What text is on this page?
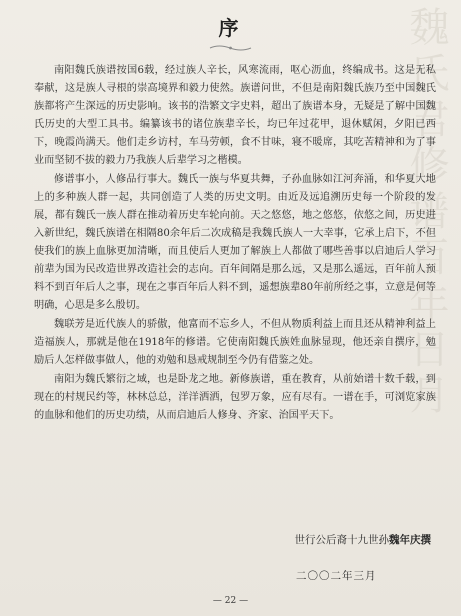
魏氏君修谱百年日月
序

南阳魏氏族谱按国6载，经过族人辛长，风寒流雨，呕心沥血，终编成书。这是无私奉献，这是族人寻根的崇高境界和毅力使然。族谱问世，不但是南阳魏氏族乃至中国魏氏族都将产生深远的历史影响。该书的浩繁文字史料，超出了族谱本身，无疑是了解中国魏氏历史的大型工具书。编纂该书的诸位族辈辛长，均已年过花甲，退休赋闲，夕阳已西下，晚霞尚满天。他们走乡访村，车马劳顿，食不甘味，寝不暖席，其吃苦精神和为了事业而坚韧不拔的毅力乃我族人后辈学习之楷模。

修谱事小，人修品行事大。魏氏一族与华夏共舞，子孙血脉如江河奔涌，和华夏大地上的多种族人群一起，共同创造了人类的历史文明。由近及远追溯历史每一个阶段的发展，都有魏氏一族人群在推动着历史车轮向前。天之悠悠，地之悠悠，依悠之间，历史进入新世纪，魏氏族谱在相隔80余年后二次成稿是我魏氏族人一大幸事，它承上启下，不但使我们的族上血脉更加清晰，而且使后人更加了解族上人都做了哪些善事以启迪后人学习前辈为国为民改造世界改造社会的志向。百年间隔是那么远，又是那么遥远，百年前人预料不到百年后人之事，现在之事百年后人料不到，遥想族辈80年前所经之事，立意是何等明确，心思是多么殷切。

魏联芳是近代族人的骄傲，他富而不忘乡人，不但从物质利益上而且还从精神利益上造福族人，那就是他在1918年的修谱。它使南阳魏氏族姓血脉显现，他还亲自撰序，勉励后人怎样做事做人，他的劝勉和恳戒规制至今仍有借鉴之处。

南阳为魏氏繁衍之域，也是卧龙之地。新修族谱，重在教育，从前始谱十数千载，到现在的村规民约等，林林总总，洋洋洒洒，包罗万象，应有尽有。一谱在手，可浏览家族的血脉和他们的历史功绩，从而启迪后人修身、齐家、治国平天下。

世行公后裔十九世孙魏年庆撰
二〇〇二年三月
— 22 —
